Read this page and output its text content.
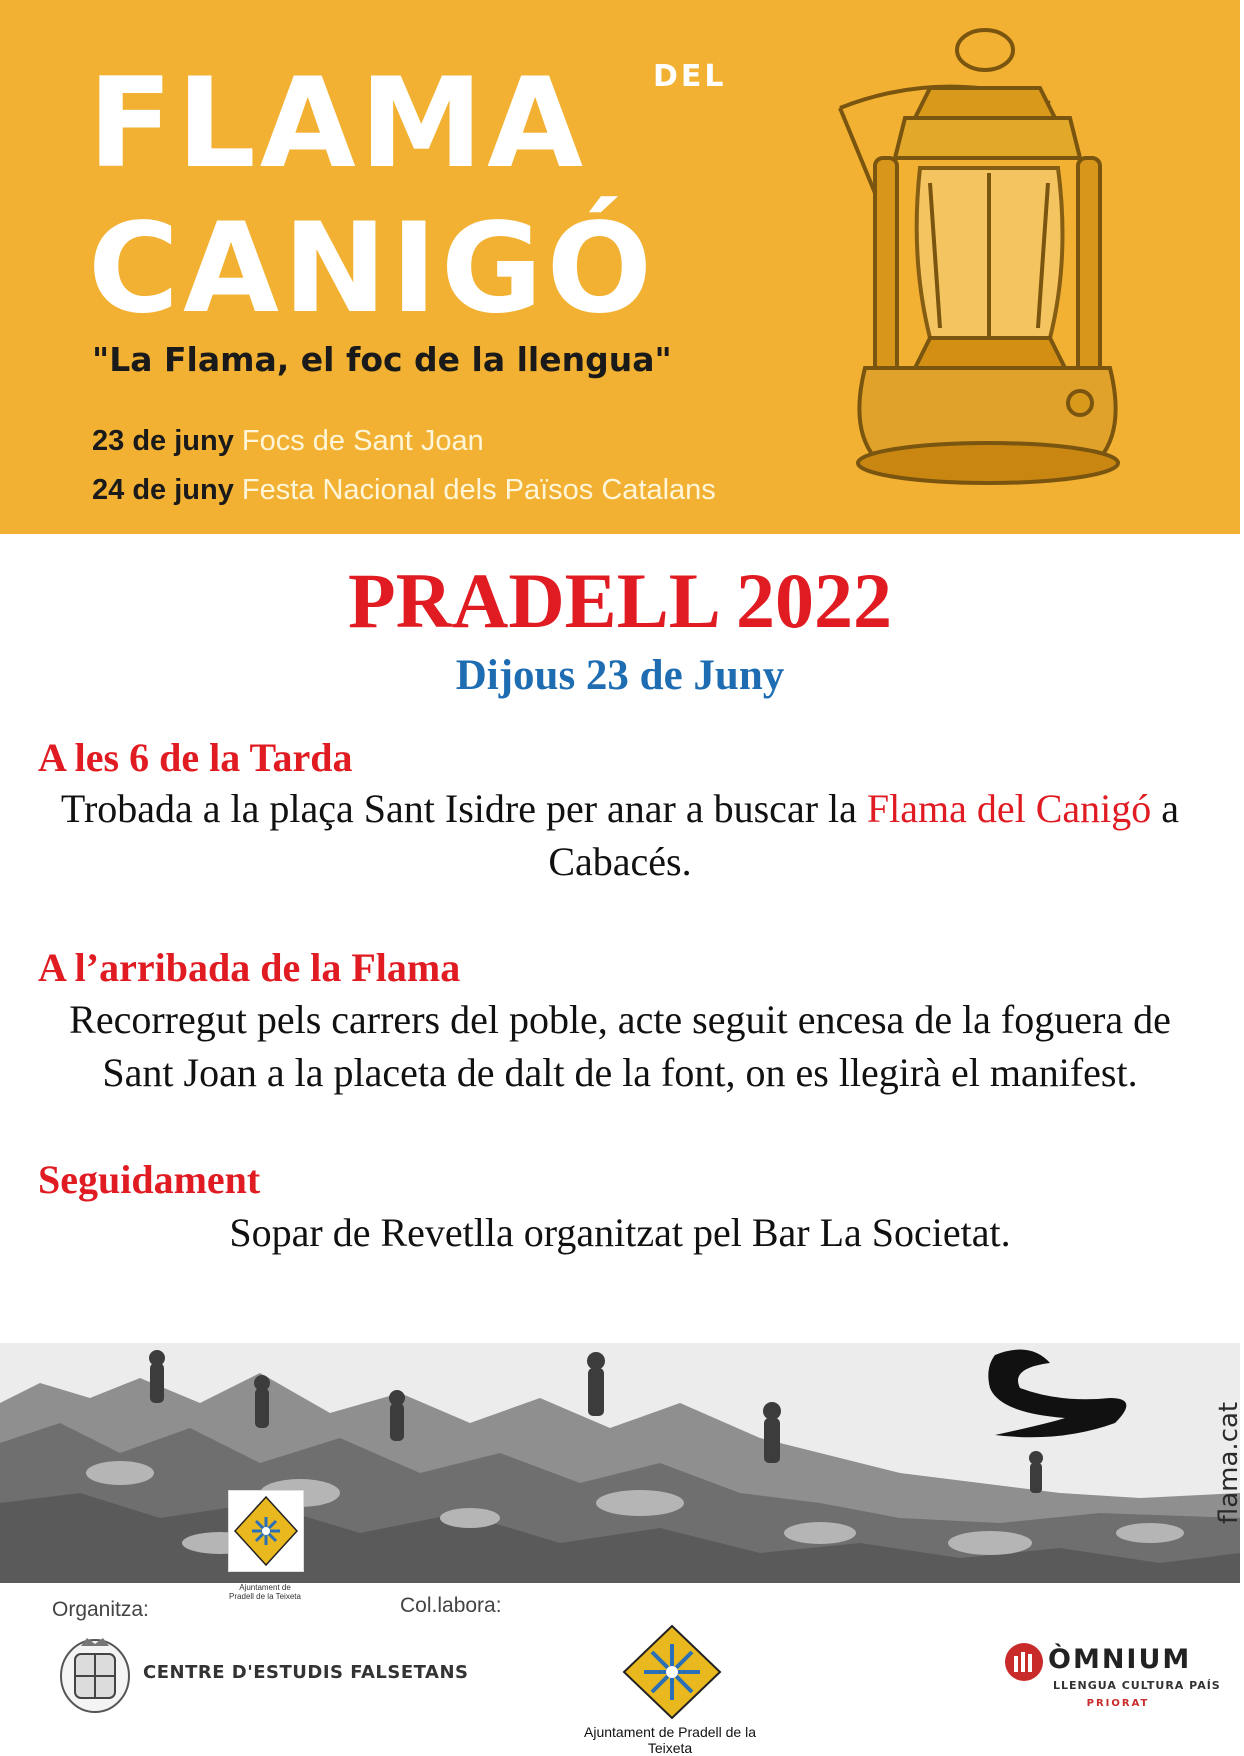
FLAMA DEL
CANIGÓ
"La Flama, el foc de la llengua"
23 de juny Focs de Sant Joan
24 de juny Festa Nacional dels Països Catalans
PRADELL 2022
Dijous 23 de Juny
A les 6 de la Tarda
Trobada a la plaça Sant Isidre per anar a buscar la Flama del Canigó a Cabacés.
A l’arribada de la Flama
Recorregut pels carrers del poble, acte seguit encesa de la foguera de Sant Joan a la placeta de dalt de la font, on es llegirà el manifest.
Seguidament
Sopar de Revetlla organitzat pel Bar La Societat.
flama.cat
Ajuntament de Pradell de la Teixeta
Organitza:	Col.labora:
CENTRE D'ESTUDIS FALSETANS
Ajuntament de Pradell de la Teixeta
ÒMNIUM
LLENGUA CULTURA PAÍS
PRIORAT
